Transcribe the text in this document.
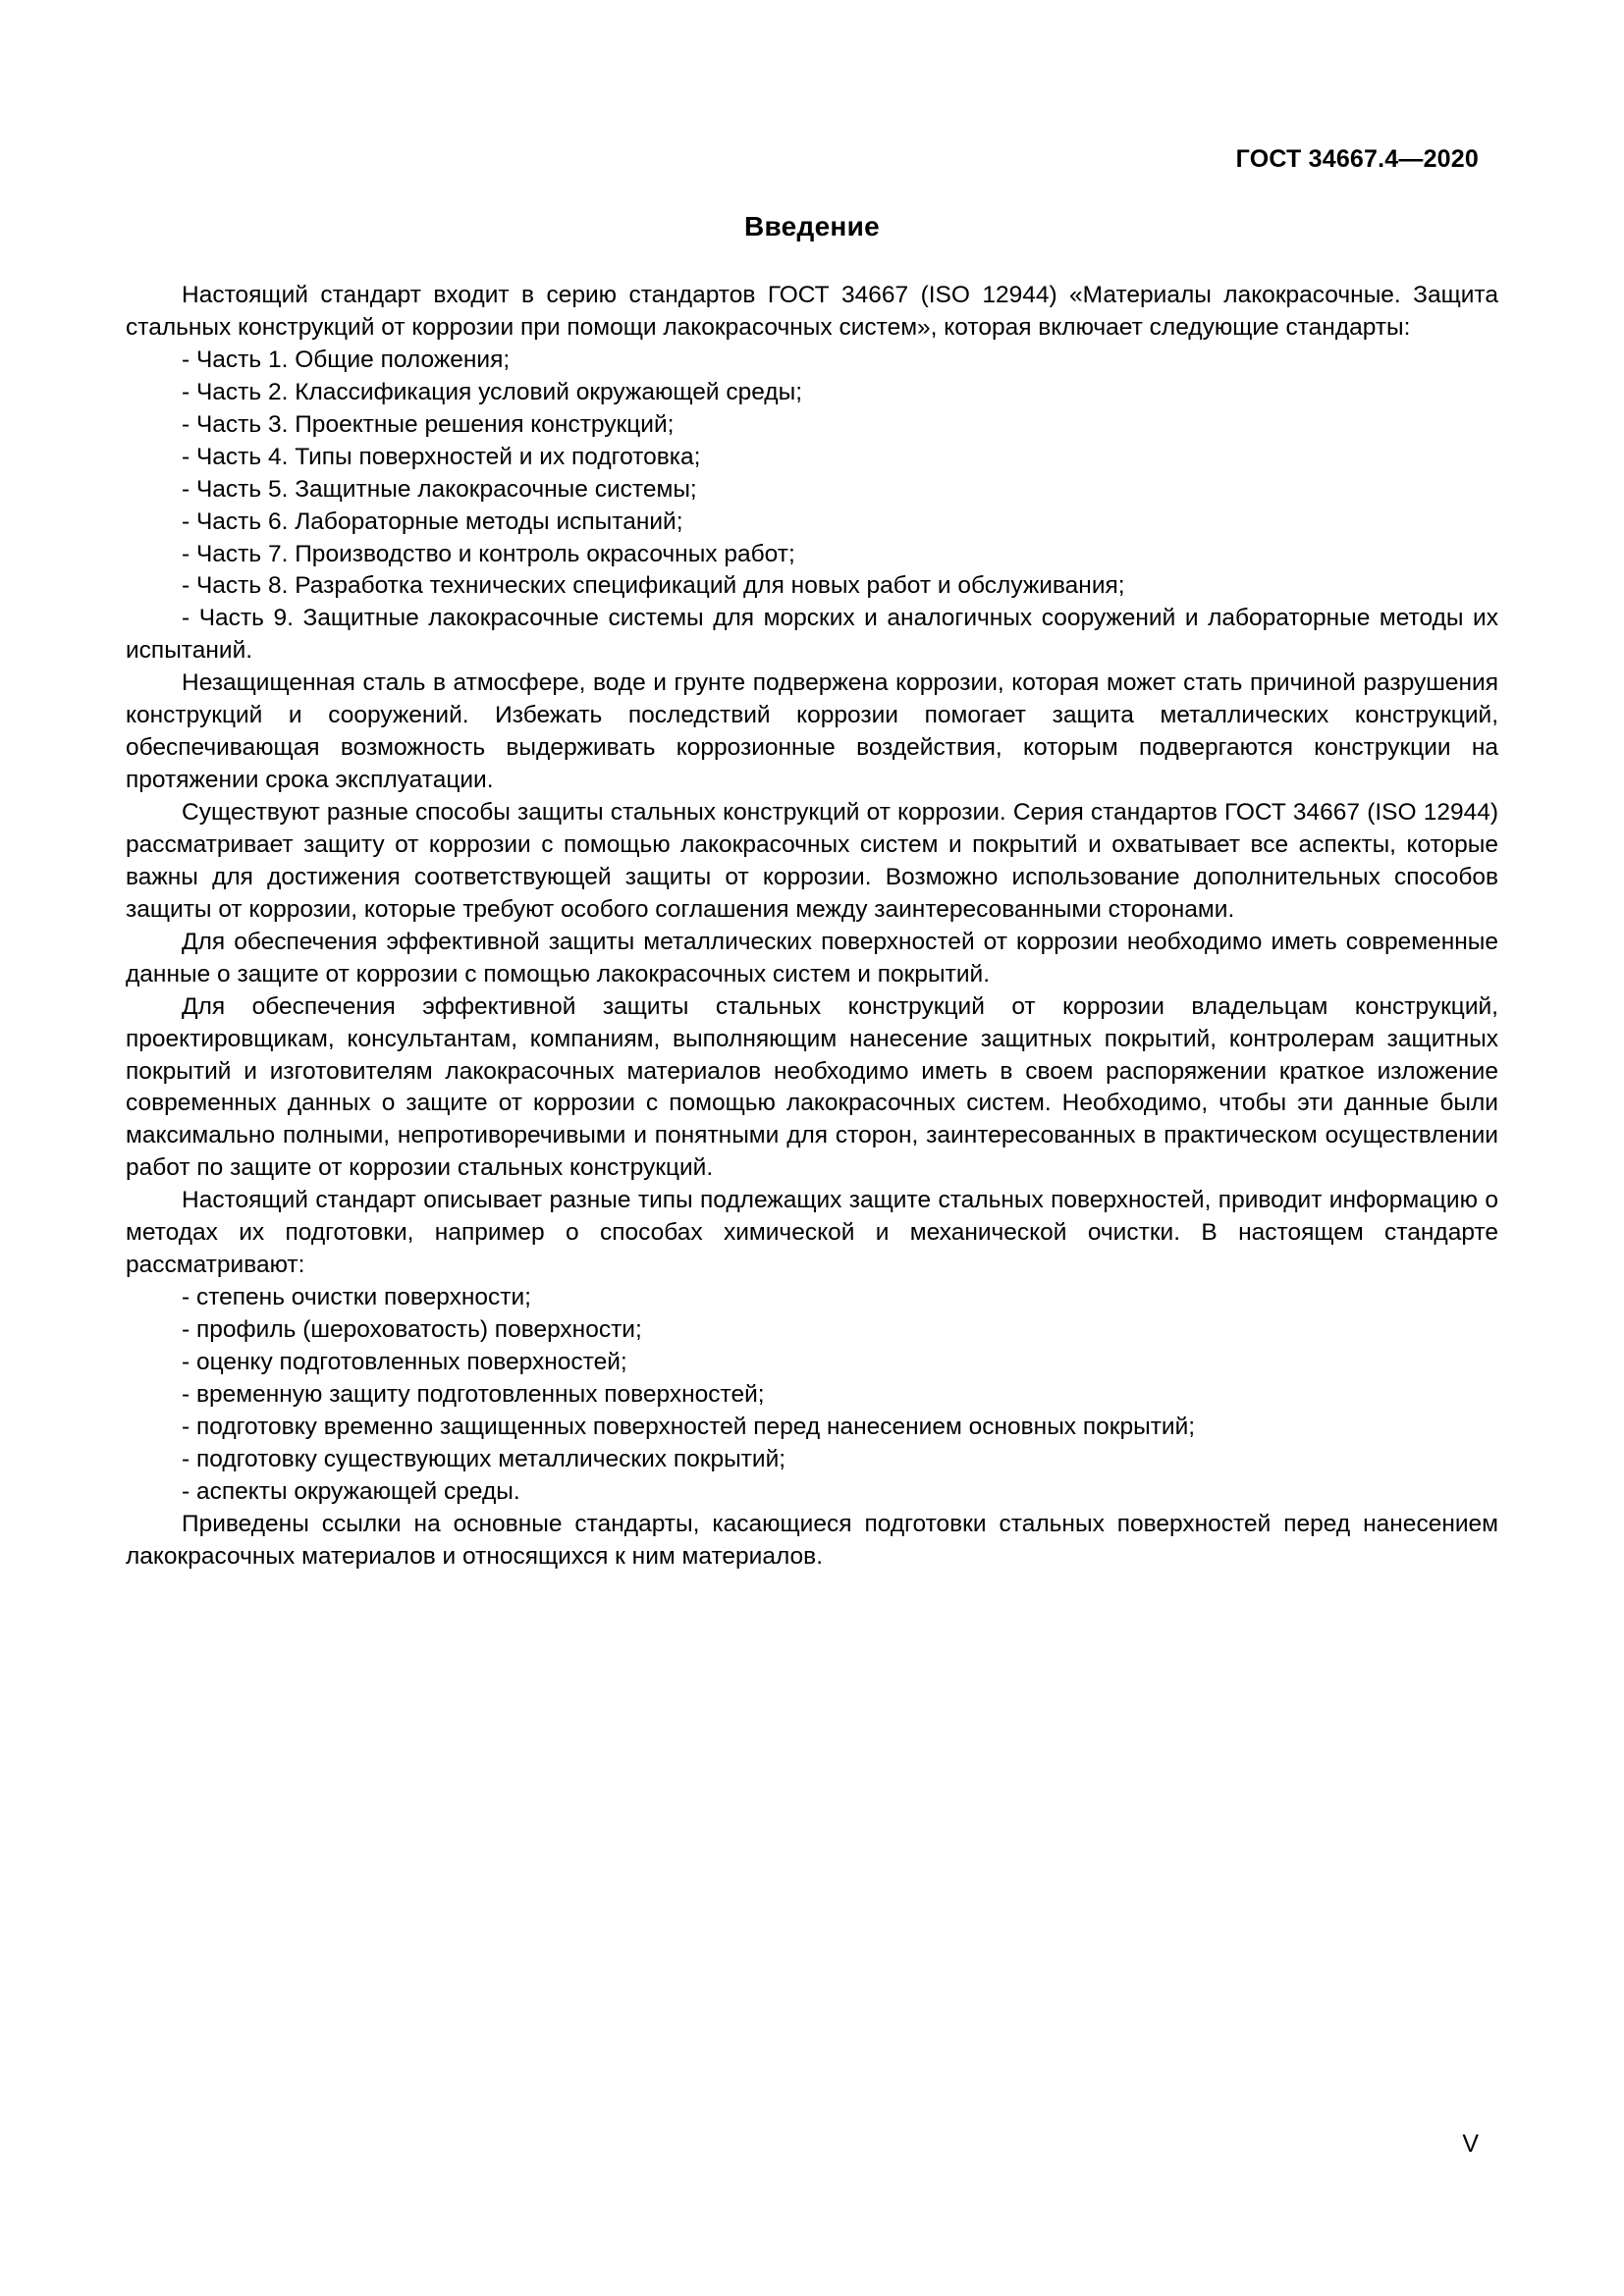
ГОСТ 34667.4—2020
Введение

Настоящий стандарт входит в серию стандартов ГОСТ 34667 (ISO 12944) «Материалы лакокрасочные. Защита стальных конструкций от коррозии при помощи лакокрасочных систем», которая включает следующие стандарты:

- Часть 1. Общие положения;
- Часть 2. Классификация условий окружающей среды;
- Часть 3. Проектные решения конструкций;
- Часть 4. Типы поверхностей и их подготовка;
- Часть 5. Защитные лакокрасочные системы;
- Часть 6. Лабораторные методы испытаний;
- Часть 7. Производство и контроль окрасочных работ;
- Часть 8. Разработка технических спецификаций для новых работ и обслуживания;
- Часть 9. Защитные лакокрасочные системы для морских и аналогичных сооружений и лабораторные методы их испытаний.

Незащищенная сталь в атмосфере, воде и грунте подвержена коррозии, которая может стать причиной разрушения конструкций и сооружений. Избежать последствий коррозии помогает защита металлических конструкций, обеспечивающая возможность выдерживать коррозионные воздействия, которым подвергаются конструкции на протяжении срока эксплуатации.

Существуют разные способы защиты стальных конструкций от коррозии. Серия стандартов ГОСТ 34667 (ISO 12944) рассматривает защиту от коррозии с помощью лакокрасочных систем и покрытий и охватывает все аспекты, которые важны для достижения соответствующей защиты от коррозии. Возможно использование дополнительных способов защиты от коррозии, которые требуют особого соглашения между заинтересованными сторонами.

Для обеспечения эффективной защиты металлических поверхностей от коррозии необходимо иметь современные данные о защите от коррозии с помощью лакокрасочных систем и покрытий.

Для обеспечения эффективной защиты стальных конструкций от коррозии владельцам конструкций, проектировщикам, консультантам, компаниям, выполняющим нанесение защитных покрытий, контролерам защитных покрытий и изготовителям лакокрасочных материалов необходимо иметь в своем распоряжении краткое изложение современных данных о защите от коррозии с помощью лакокрасочных систем. Необходимо, чтобы эти данные были максимально полными, непротиворечивыми и понятными для сторон, заинтересованных в практическом осуществлении работ по защите от коррозии стальных конструкций.

Настоящий стандарт описывает разные типы подлежащих защите стальных поверхностей, приводит информацию о методах их подготовки, например о способах химической и механической очистки. В настоящем стандарте рассматривают:

- степень очистки поверхности;
- профиль (шероховатость) поверхности;
- оценку подготовленных поверхностей;
- временную защиту подготовленных поверхностей;
- подготовку временно защищенных поверхностей перед нанесением основных покрытий;
- подготовку существующих металлических покрытий;
- аспекты окружающей среды.

Приведены ссылки на основные стандарты, касающиеся подготовки стальных поверхностей перед нанесением лакокрасочных материалов и относящихся к ним материалов.

V
